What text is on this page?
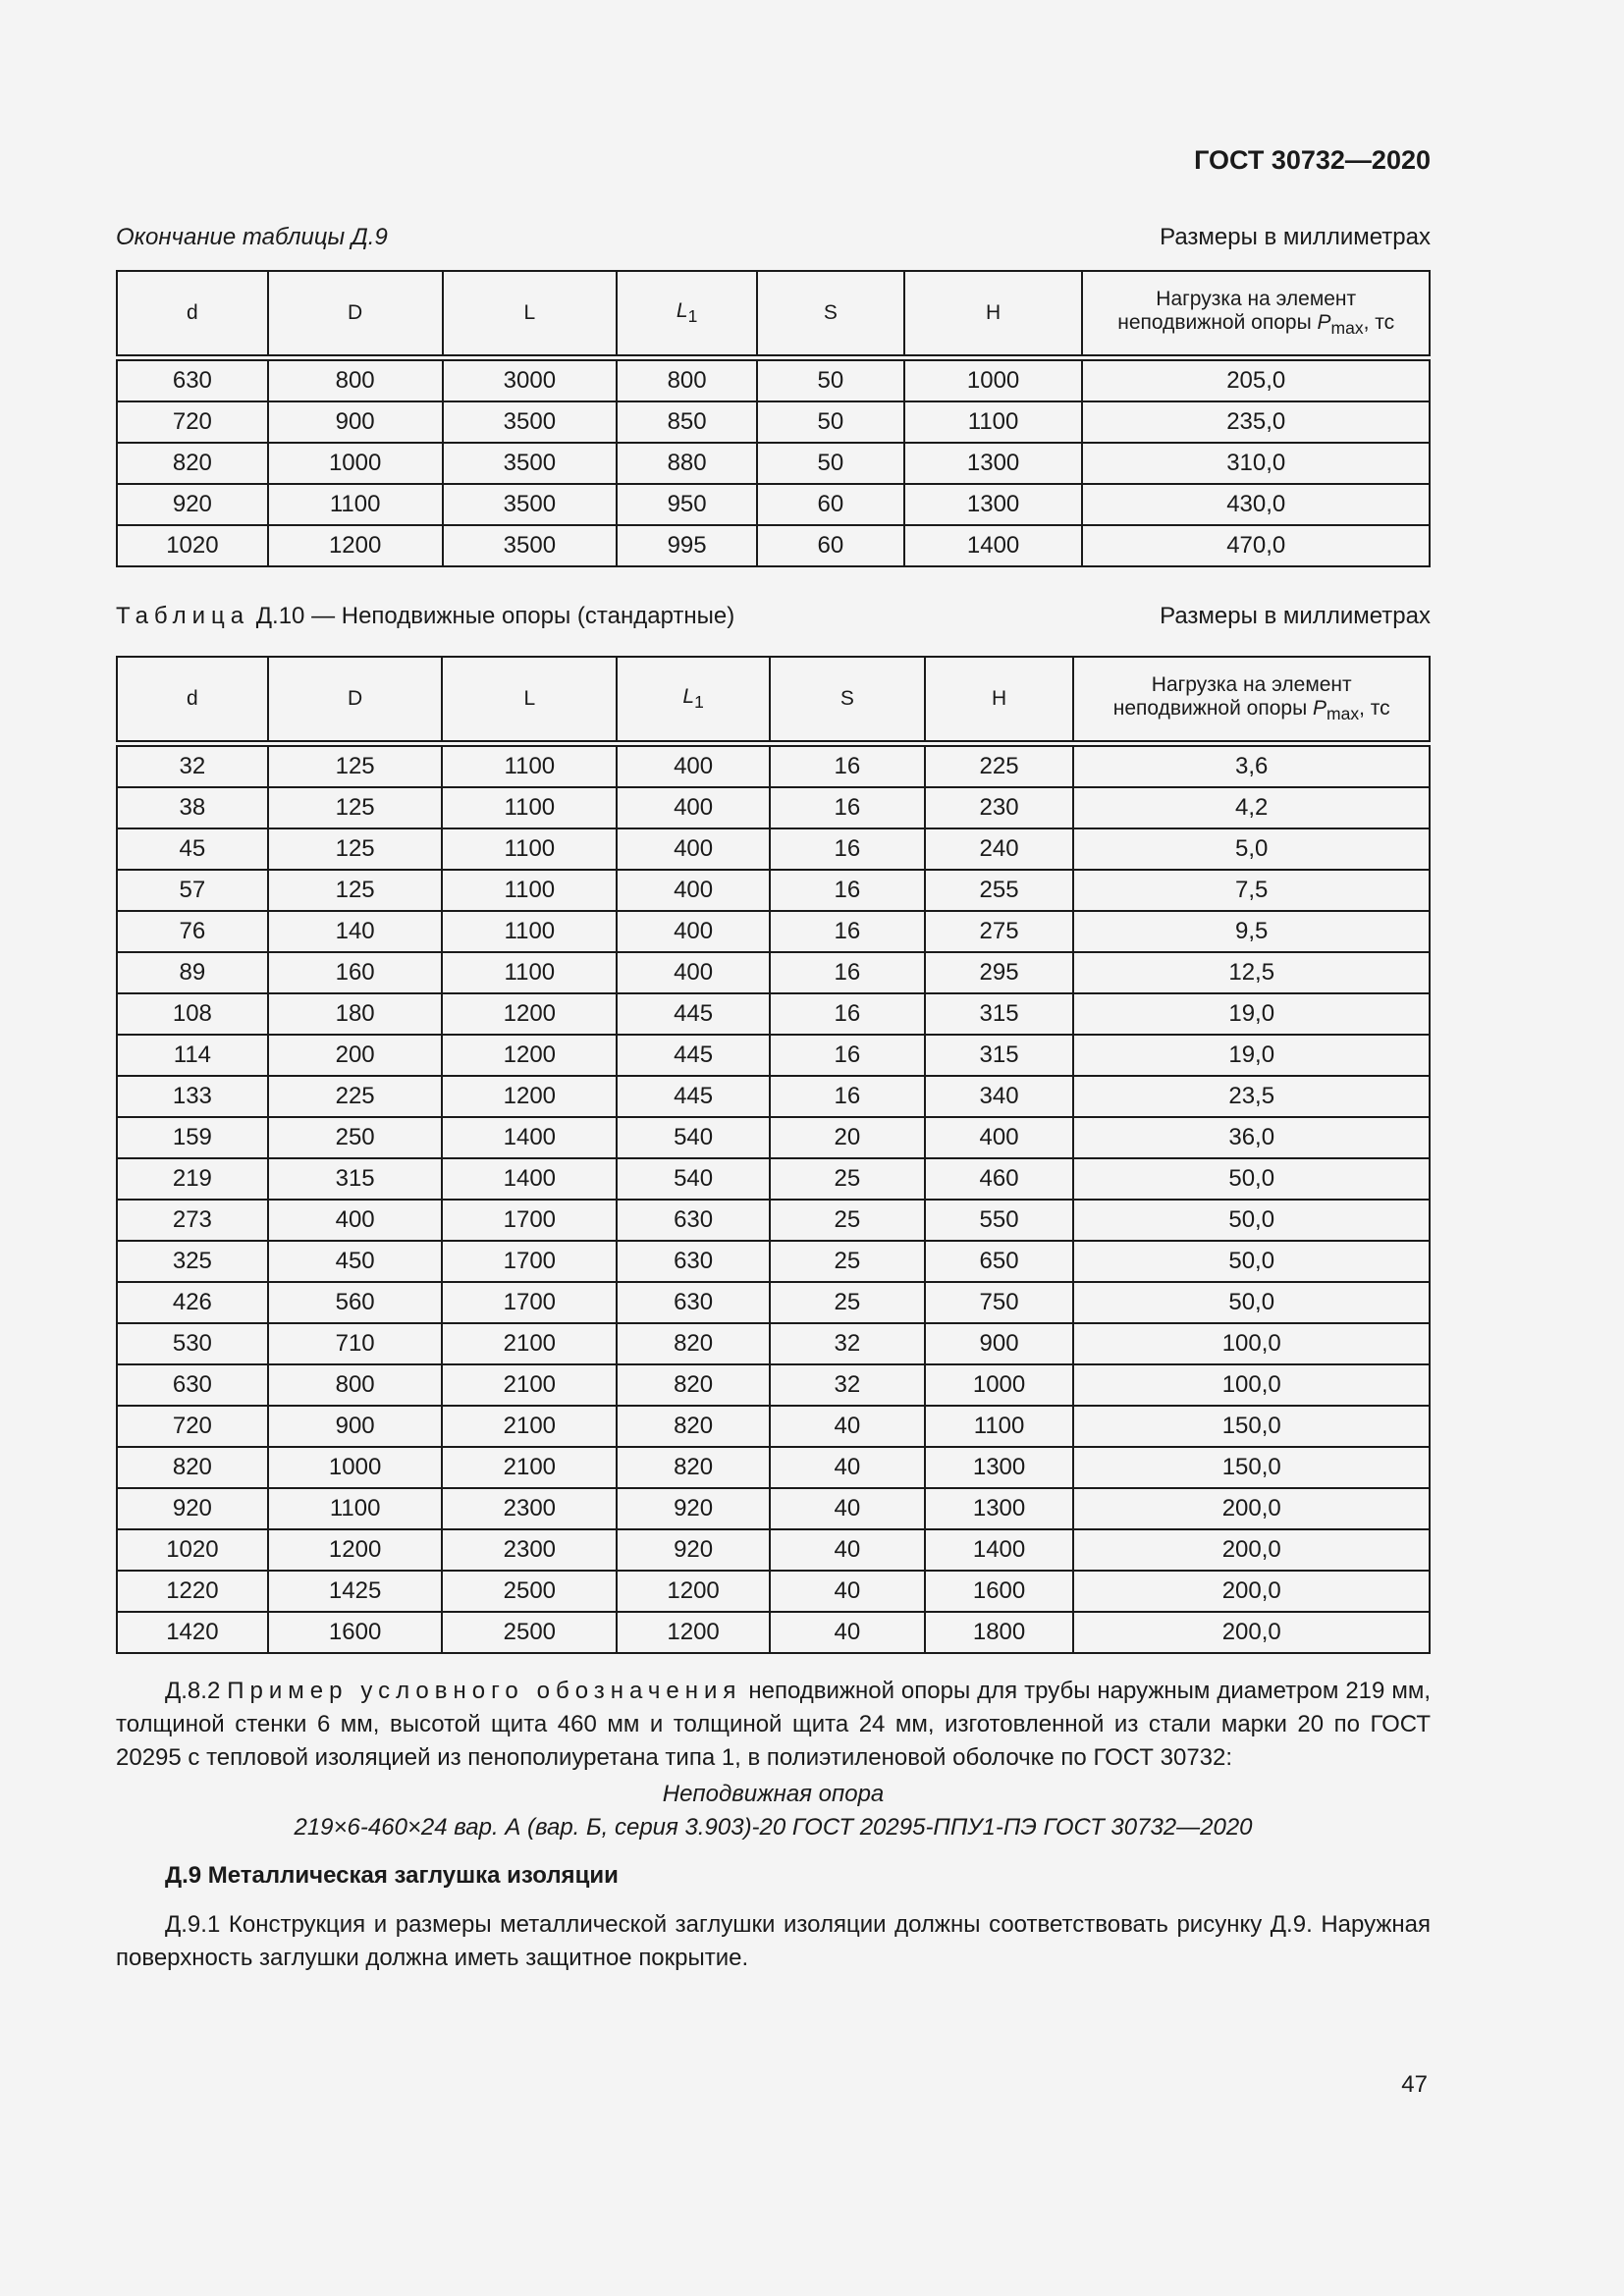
ГОСТ 30732—2020
Окончание таблицы Д.9	Размеры в миллиметрах
d	D	L	$L_1$	S	H	Нагрузка на элемент
неподвижной опоры $P_{max}$, тс
630	800	3000	800	50	1000	205,0
720	900	3500	850	50	1100	235,0
820	1000	3500	880	50	1300	310,0
920	1100	3500	950	60	1300	430,0
1020	1200	3500	995	60	1400	470,0
Таблица Д.10 — Неподвижные опоры (стандартные)	Размеры в миллиметрах
d	D	L	$L_1$	S	H	Нагрузка на элемент
неподвижной опоры $P_{max}$, тс
32	125	1100	400	16	225	3,6
38	125	1100	400	16	230	4,2
45	125	1100	400	16	240	5,0
57	125	1100	400	16	255	7,5
76	140	1100	400	16	275	9,5
89	160	1100	400	16	295	12,5
108	180	1200	445	16	315	19,0
114	200	1200	445	16	315	19,0
133	225	1200	445	16	340	23,5
159	250	1400	540	20	400	36,0
219	315	1400	540	25	460	50,0
273	400	1700	630	25	550	50,0
325	450	1700	630	25	650	50,0
426	560	1700	630	25	750	50,0
530	710	2100	820	32	900	100,0
630	800	2100	820	32	1000	100,0
720	900	2100	820	40	1100	150,0
820	1000	2100	820	40	1300	150,0
920	1100	2300	920	40	1300	200,0
1020	1200	2300	920	40	1400	200,0
1220	1425	2500	1200	40	1600	200,0
1420	1600	2500	1200	40	1800	200,0
Д.8.2 Пример условного обозначения неподвижной опоры для трубы наружным диаметром 219 мм, толщиной стенки 6 мм, высотой щита 460 мм и толщиной щита 24 мм, изготовленной из стали марки 20 по ГОСТ 20295 с тепловой изоляцией из пенополиуретана типа 1, в полиэтиленовой оболочке по ГОСТ 30732:
Неподвижная опора
219×6-460×24 вар. А (вар. Б, серия 3.903)-20 ГОСТ 20295-ППУ1-ПЭ ГОСТ 30732—2020
Д.9 Металлическая заглушка изоляции
Д.9.1 Конструкция и размеры металлической заглушки изоляции должны соответствовать рисунку Д.9. Наружная поверхность заглушки должна иметь защитное покрытие.
47
